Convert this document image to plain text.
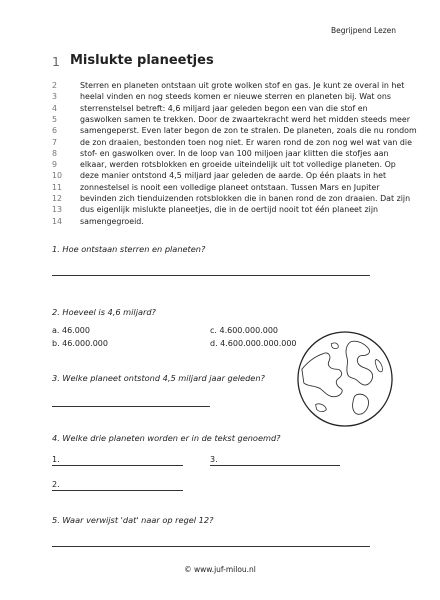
Begrijpend Lezen
1 Mislukte planeetjes
2	Sterren en planeten ontstaan uit grote wolken stof en gas. Je kunt ze overal in het
3	heelal vinden en nog steeds komen er nieuwe sterren en planeten bij. Wat ons
4	sterrenstelsel betreft: 4,6 miljard jaar geleden begon een van die stof en
5	gaswolken samen te trekken. Door de zwaartekracht werd het midden steeds meer
6	samengeperst. Even later begon de zon te stralen. De planeten, zoals die nu rondom
7	de zon draaien, bestonden toen nog niet. Er waren rond de zon nog wel wat van die
8	stof- en gaswolken over. In de loop van 100 miljoen jaar klitten die stofjes aan
9	elkaar, werden rotsblokken en groeide uiteindelijk uit tot volledige planeten. Op
10 deze manier ontstond 4,5 miljard jaar geleden de aarde. Op één plaats in het
11 zonnestelsel is nooit een volledige planeet ontstaan. Tussen Mars en Jupiter
12 bevinden zich tienduizenden rotsblokken die in banen rond de zon draaien. Dat zijn
13 dus eigenlijk mislukte planeetjes, die in de oertijd nooit tot één planeet zijn
14 samengegroeid.
1. Hoe ontstaan sterren en planeten?
2. Hoeveel is 4,6 miljard?
a. 46.000
b. 46.000.000
c. 4.600.000.000
d. 4.600.000.000.000
3. Welke planeet ontstond 4,5 miljard jaar geleden?
4. Welke drie planeten worden er in de tekst genoemd?
1.	3.
2.
5. Waar verwijst 'dat' naar op regel 12?
© www.juf-milou.nl
